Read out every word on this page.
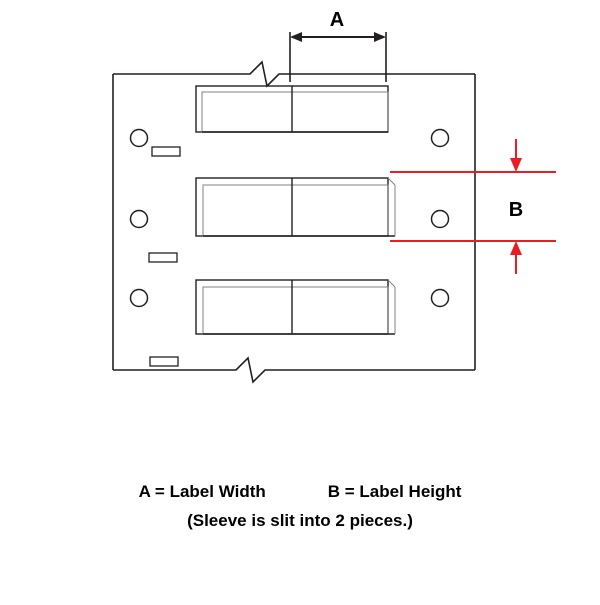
A
B
A = Label Width	B = Label Height
(Sleeve is slit into 2 pieces.)
